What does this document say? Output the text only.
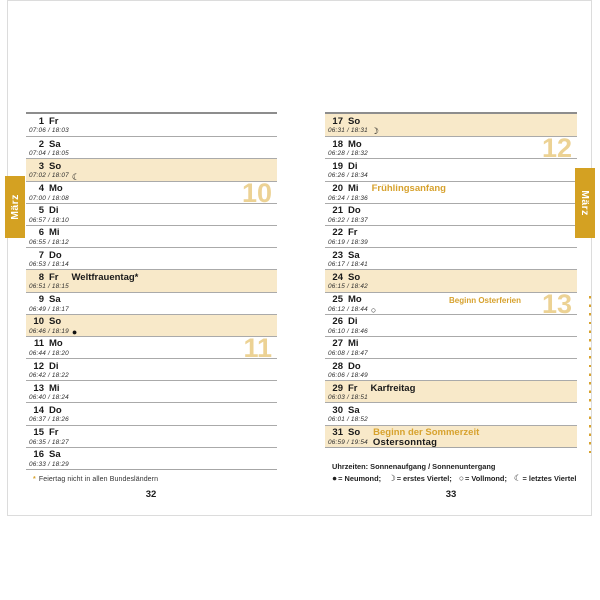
März	März
1 Fr
07:06 / 18:03
2 Sa
07:04 / 18:05
3 So
07:02 / 18:07 ☾
4 Mo	10
07:00 / 18:08
5 Di
06:57 / 18:10
6 Mi
06:55 / 18:12
7 Do
06:53 / 18:14
8 Fr Weltfrauentag*
06:51 / 18:15
9 Sa
06:49 / 18:17
10 So
06:46 / 18:19 ●
11 Mo	11
06:44 / 18:20
12 Di
06:42 / 18:22
13 Mi
06:40 / 18:24
14 Do
06:37 / 18:26
15 Fr
06:35 / 18:27
16 Sa
06:33 / 18:29
17 So
06:31 / 18:31 ☽
18 Mo	12
06:28 / 18:32
19 Di
06:26 / 18:34
20 Mi Frühlingsanfang
06:24 / 18:36
21 Do
06:22 / 18:37
22 Fr
06:19 / 18:39
23 Sa
06:17 / 18:41
24 So
06:15 / 18:42
25 Mo	Beginn Osterferien 13
06:12 / 18:44 ○
26 Di
06:10 / 18:46
27 Mi
06:08 / 18:47
28 Do
06:06 / 18:49
29 Fr Karfreitag
06:03 / 18:51
30 Sa
06:01 / 18:52
31 So Beginn der Sommerzeit
06:59 / 19:54 Ostersonntag
* Feiertag nicht in allen Bundesländern
Uhrzeiten: Sonnenaufgang / Sonnenuntergang
●= Neumond; ☽= erstes Viertel; ○= Vollmond; ☾= letztes Viertel
32	33
